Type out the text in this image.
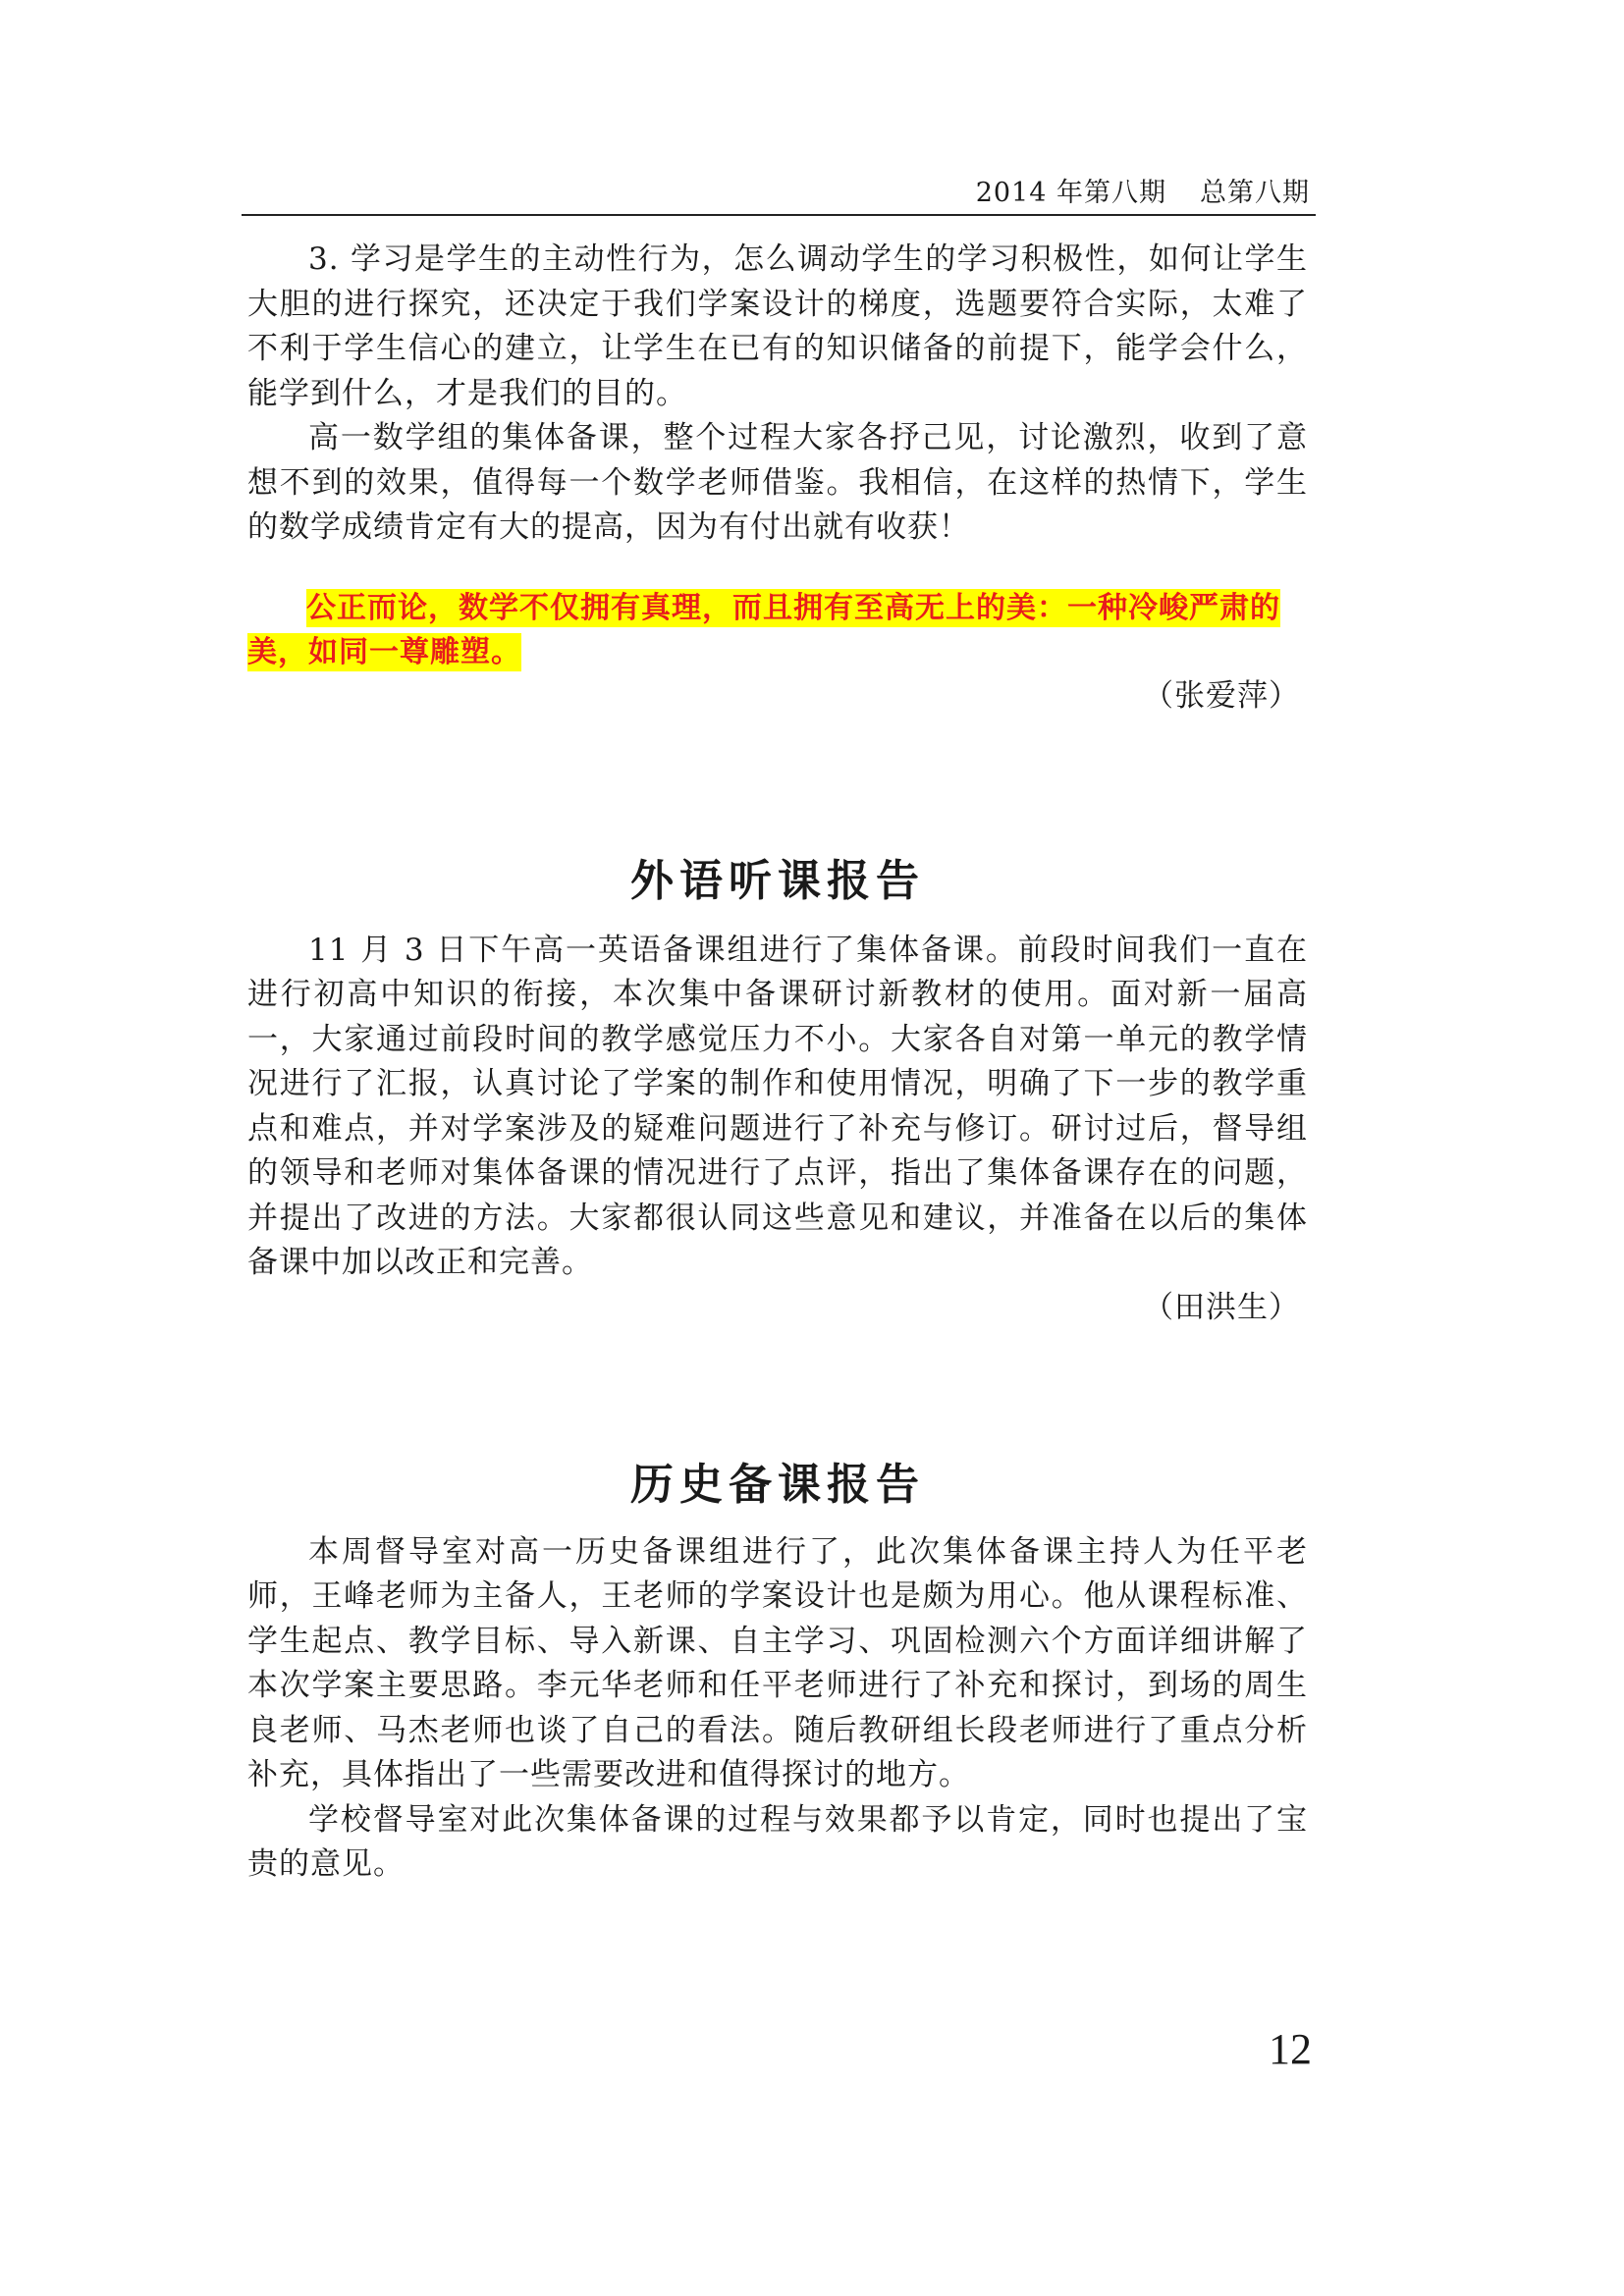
2014 年第八期 总第八期

3. 学习是学生的主动性行为，怎么调动学生的学习积极性，如何让学生大胆的进行探究，还决定于我们学案设计的梯度，选题要符合实际，太难了不利于学生信心的建立，让学生在已有的知识储备的前提下，能学会什么，能学到什么，才是我们的目的。

高一数学组的集体备课，整个过程大家各抒己见，讨论激烈，收到了意想不到的效果，值得每一个数学老师借鉴。我相信，在这样的热情下，学生的数学成绩肯定有大的提高，因为有付出就有收获！

公正而论，数学不仅拥有真理，而且拥有至高无上的美：一种冷峻严肃的美，如同一尊雕塑。
（张爱萍）
外语听课报告

11 月 3 日下午高一英语备课组进行了集体备课。前段时间我们一直在进行初高中知识的衔接，本次集中备课研讨新教材的使用。面对新一届高一，大家通过前段时间的教学感觉压力不小。大家各自对第一单元的教学情况进行了汇报，认真讨论了学案的制作和使用情况，明确了下一步的教学重点和难点，并对学案涉及的疑难问题进行了补充与修订。研讨过后，督导组的领导和老师对集体备课的情况进行了点评，指出了集体备课存在的问题，并提出了改进的方法。大家都很认同这些意见和建议，并准备在以后的集体备课中加以改正和完善。

（田洪生）
历史备课报告

本周督导室对高一历史备课组进行了，此次集体备课主持人为任平老师，王峰老师为主备人，王老师的学案设计也是颇为用心。他从课程标准、学生起点、教学目标、导入新课、自主学习、巩固检测六个方面详细讲解了本次学案主要思路。李元华老师和任平老师进行了补充和探讨，到场的周生良老师、马杰老师也谈了自己的看法。随后教研组长段老师进行了重点分析补充，具体指出了一些需要改进和值得探讨的地方。

学校督导室对此次集体备课的过程与效果都予以肯定，同时也提出了宝贵的意见。

12
